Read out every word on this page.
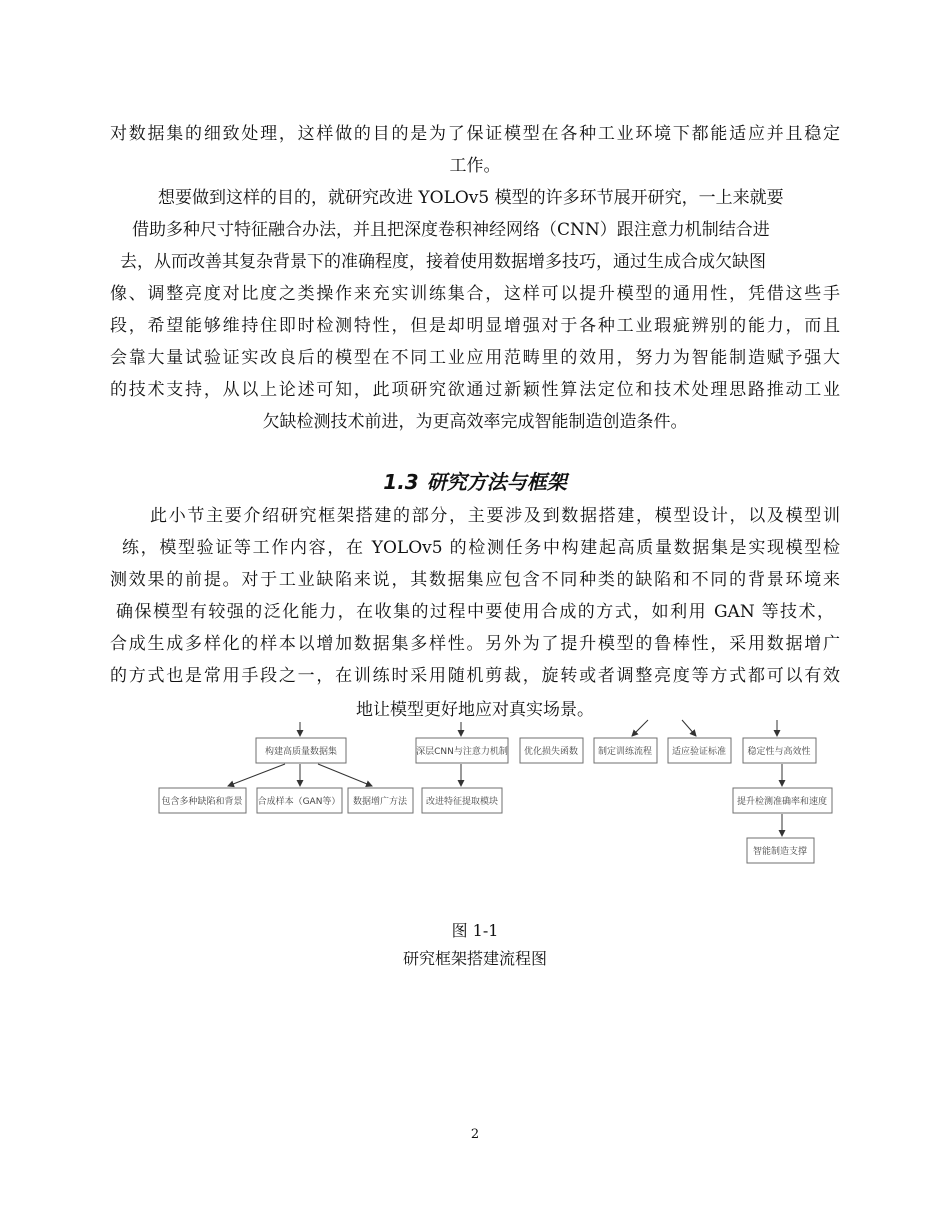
对数据集的细致处理，这样做的目的是为了保证模型在各种工业环境下都能适应并且稳定
工作。
想要做到这样的目的，就研究改进 YOLOv5 模型的许多环节展开研究，一上来就要
借助多种尺寸特征融合办法，并且把深度卷积神经网络（CNN）跟注意力机制结合进
去，从而改善其复杂背景下的准确程度，接着使用数据增多技巧，通过生成合成欠缺图
像、调整亮度对比度之类操作来充实训练集合，这样可以提升模型的通用性，凭借这些手
段，希望能够维持住即时检测特性，但是却明显增强对于各种工业瑕疵辨别的能力，而且
会靠大量试验证实改良后的模型在不同工业应用范畴里的效用，努力为智能制造赋予强大
的技术支持，从以上论述可知，此项研究欲通过新颖性算法定位和技术处理思路推动工业
欠缺检测技术前进，为更高效率完成智能制造创造条件。
1.3 研究方法与框架
此小节主要介绍研究框架搭建的部分，主要涉及到数据搭建，模型设计，以及模型训
练，模型验证等工作内容，在 YOLOv5 的检测任务中构建起高质量数据集是实现模型检
测效果的前提。对于工业缺陷来说，其数据集应包含不同种类的缺陷和不同的背景环境来
确保模型有较强的泛化能力，在收集的过程中要使用合成的方式，如利用 GAN 等技术，
合成生成多样化的样本以增加数据集多样性。另外为了提升模型的鲁棒性，采用数据增广
的方式也是常用手段之一，在训练时采用随机剪裁，旋转或者调整亮度等方式都可以有效
地让模型更好地应对真实场景。
构建高质量数据集
包含多种缺陷和背景 合成样本（GAN等） 数据增广方法
深层CNN与注意力机制
改进特征提取模块
优化损失函数 制定训练流程 适应验证标准 稳定性与高效性
提升检测准确率和速度
智能制造支撑
图 1-1
研究框架搭建流程图
2
